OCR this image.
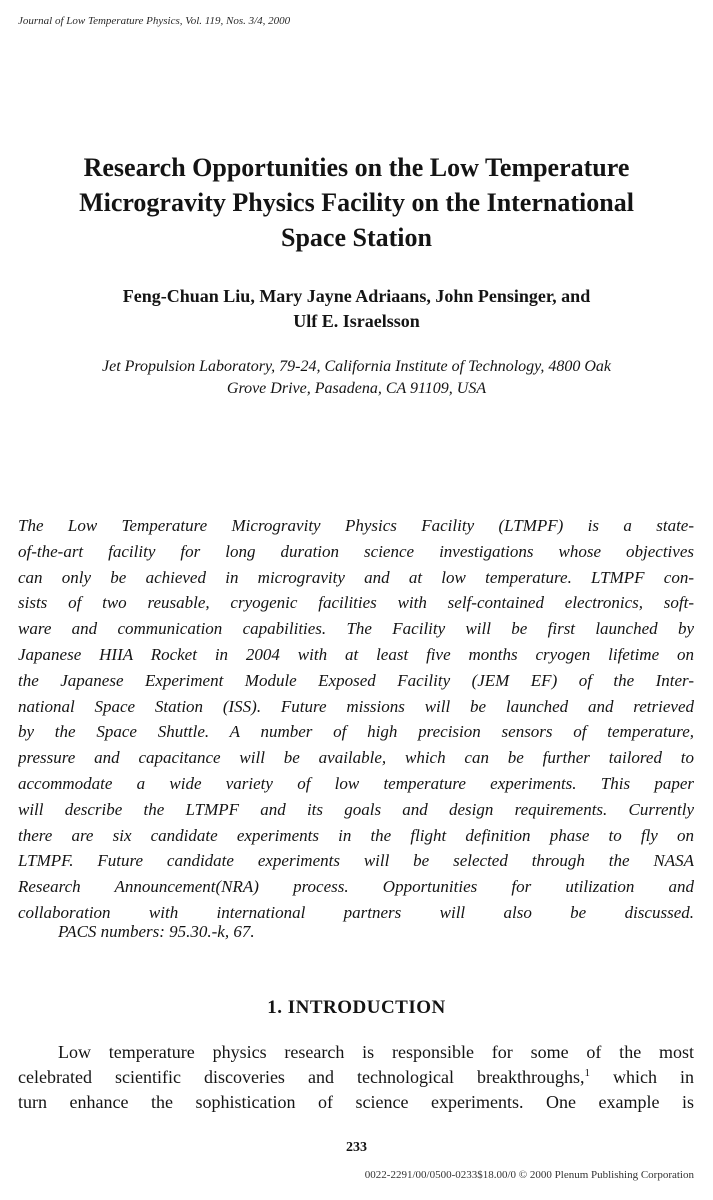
Journal of Low Temperature Physics, Vol. 119, Nos. 3/4, 2000
Research Opportunities on the Low Temperature
Microgravity Physics Facility on the International
Space Station
Feng-Chuan Liu, Mary Jayne Adriaans, John Pensinger, and
Ulf E. Israelsson
Jet Propulsion Laboratory, 79-24, California Institute of Technology, 4800 Oak
Grove Drive, Pasadena, CA 91109, USA
The Low Temperature Microgravity Physics Facility (LTMPF) is a state-
of-the-art facility for long duration science investigations whose objectives
can only be achieved in microgravity and at low temperature. LTMPF con-
sists of two reusable, cryogenic facilities with self-contained electronics, soft-
ware and communication capabilities. The Facility will be first launched by
Japanese HIIA Rocket in 2004 with at least five months cryogen lifetime on
the Japanese Experiment Module Exposed Facility (JEM EF) of the Inter-
national Space Station (ISS). Future missions will be launched and retrieved
by the Space Shuttle. A number of high precision sensors of temperature,
pressure and capacitance will be available, which can be further tailored to
accommodate a wide variety of low temperature experiments. This paper
will describe the LTMPF and its goals and design requirements. Currently
there are six candidate experiments in the flight definition phase to fly on
LTMPF. Future candidate experiments will be selected through the NASA
Research Announcement(NRA) process. Opportunities for utilization and
collaboration with international partners will also be discussed.
PACS numbers: 95.30.-k, 67.
1. INTRODUCTION
Low temperature physics research is responsible for some of the most
celebrated scientific discoveries and technological breakthroughs,$^1$ which in
turn enhance the sophistication of science experiments. One example is
233
0022-2291/00/0500-0233$18.00/0 © 2000 Plenum Publishing Corporation
